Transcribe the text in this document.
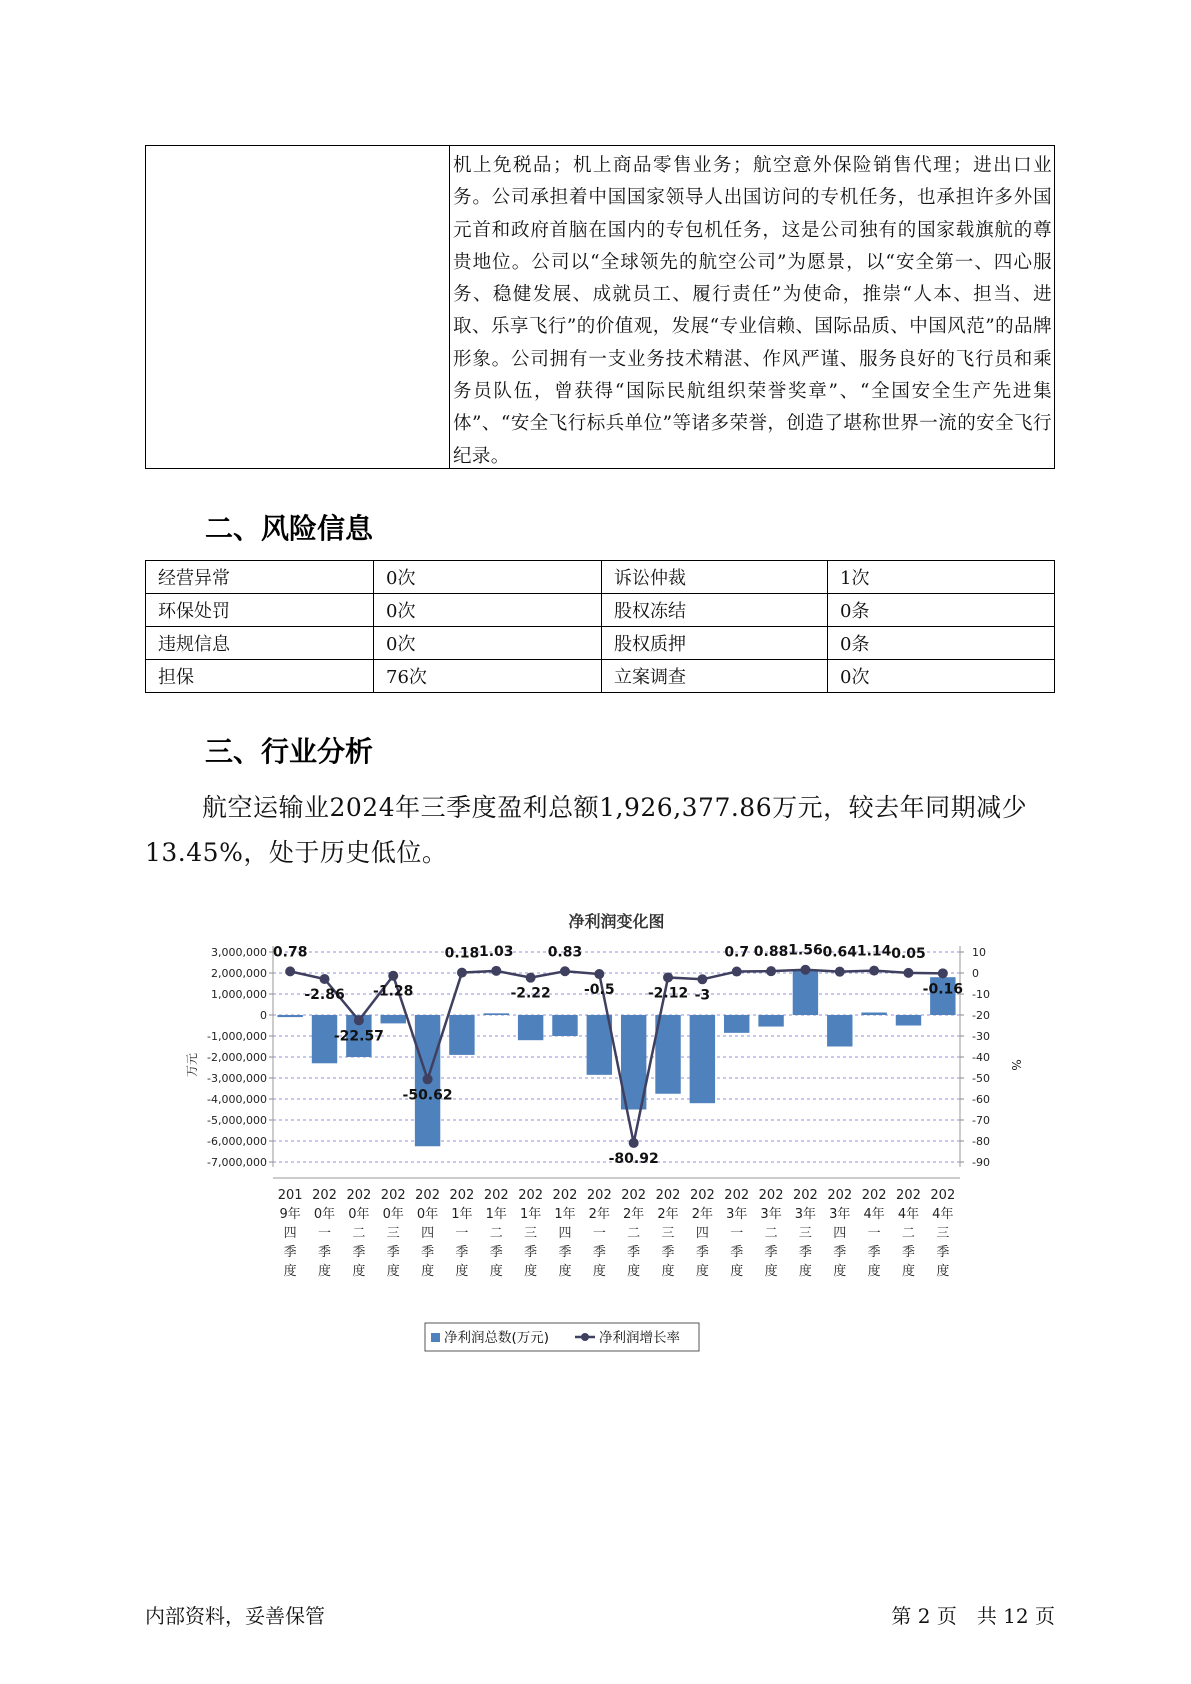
机上免税品；机上商品零售业务；航空意外保险销售代理；进出口业务。公司承担着中国国家领导人出国访问的专机任务，也承担许多外国元首和政府首脑在国内的专包机任务，这是公司独有的国家载旗航的尊贵地位。公司以“全球领先的航空公司”为愿景，以“安全第一、四心服务、稳健发展、成就员工、履行责任”为使命，推崇“人本、担当、进取、乐享飞行”的价值观，发展“专业信赖、国际品质、中国风范”的品牌形象。公司拥有一支业务技术精湛、作风严谨、服务良好的飞行员和乘务员队伍，曾获得“国际民航组织荣誉奖章”、“全国安全生产先进集体”、“安全飞行标兵单位”等诸多荣誉，创造了堪称世界一流的安全飞行纪录。
二、风险信息
经营异常	0次	诉讼仲裁	1次
环保处罚	0次	股权冻结	0条
违规信息	0次	股权质押	0条
担保	76次	立案调查	0次
三、行业分析
航空运输业2024年三季度盈利总额1,926,377.86万元，较去年同期减少13.45%，处于历史低位。
净利润变化图
3,000,000
2,000,000
1,000,000
0
-1,000,000
-2,000,000
-3,000,000
-4,000,000
-5,000,000
-6,000,000
-7,000,000
10
0
-10
-20
-30
-40
-50
-60
-70
-80
-90
万元	%
0.78
-2.86
-22.57
-1.28
-50.62
0.18 1.03
-2.22
0.83
-0.5
-80.92
-2.12 -3
0.7 0.88 1.56 0.64 1.14 0.05
-0.16
201
9年
四
季
度
202
0年
一
季
度
202
0年
二
季
度
202
0年
三
季
度
202
0年
四
季
度
202
1年
一
季
度
202
1年
二
季
度
202
1年
三
季
度
202
1年
四
季
度
202
2年
一
季
度
202
2年
二
季
度
202
2年
三
季
度
202
2年
四
季
度
202
3年
一
季
度
202
3年
二
季
度
202
3年
三
季
度
202
3年
四
季
度
202
4年
一
季
度
202
4年
二
季
度
202
4年
三
季
度
净利润总数(万元)	净利润增长率
内部资料，妥善保管	第 2 页　共 12 页
